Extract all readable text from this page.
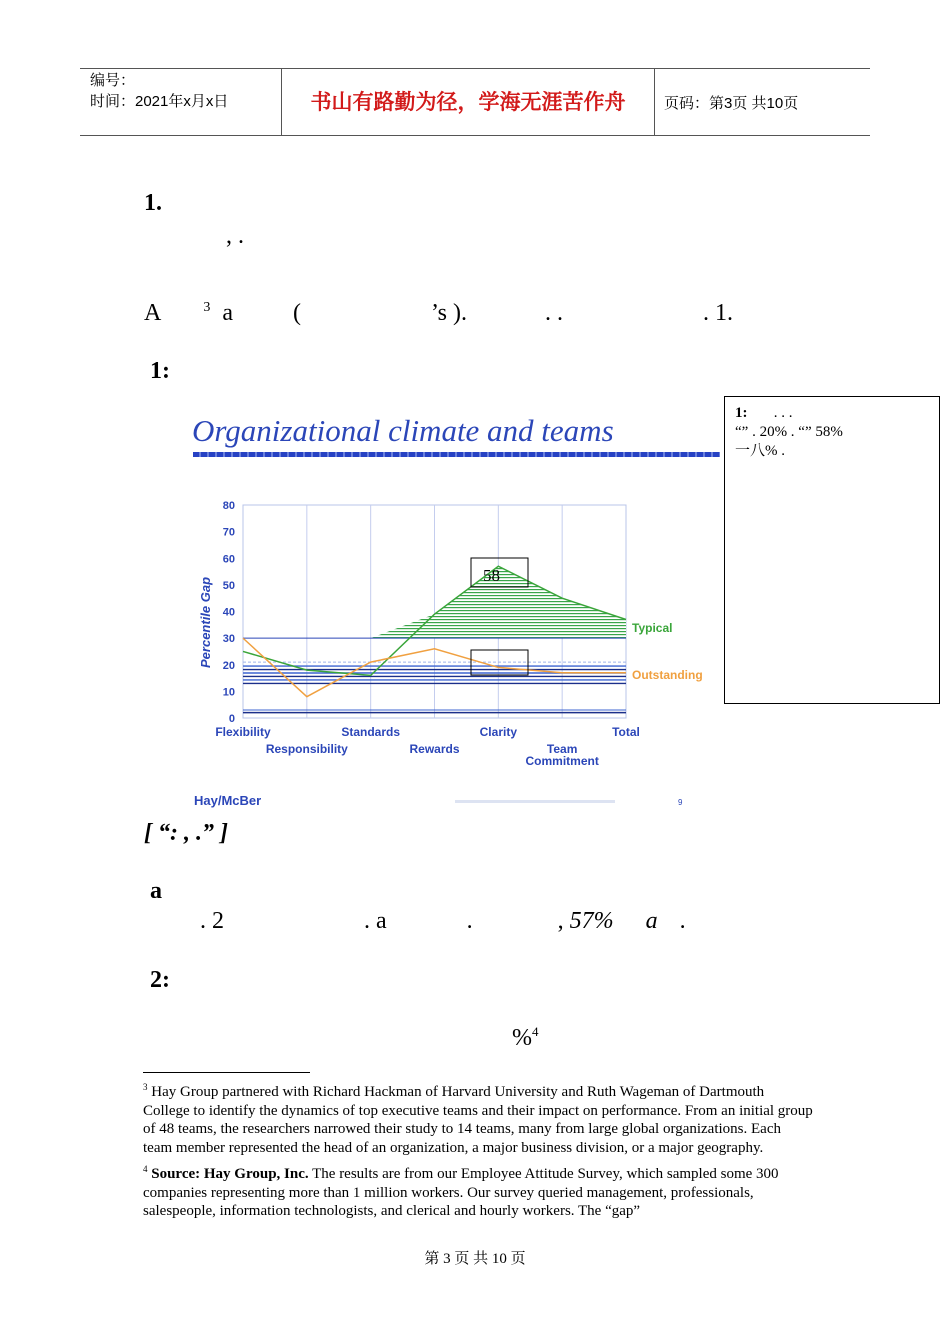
编号：
时间：2021年x月x日	书山有路勤为径，学海无涯苦作舟	页码：第3页 共10页
1.
, .
A	$^3$ a	(	’s ).	. .	. 1.
1:
Organizational climate and teams
58
0
10
20
30
40
50
60
70
80
Flexibility
Responsibility
Standards
Rewards
Clarity
Team
Commitment
Total
Typical
Outstanding
Percentile Gap
Hay/McBer	9
1: . . .
“” . 20% . “” 58%
一八% .
[ “: , .” ]
a
. 2	. a	.	, 57% a .
2:
%$^4$

$^3$ Hay Group partnered with Richard Hackman of Harvard University and Ruth Wageman of Dartmouth College to identify the dynamics of top executive teams and their impact on performance. From an initial group of 48 teams, the researchers narrowed their study to 14 teams, many from large global organizations. Each team member represented the head of an organization, a major business division, or a major geography.

$^4$ Source: Hay Group, Inc. The results are from our Employee Attitude Survey, which sampled some 300 companies representing more than 1 million workers. Our survey queried management, professionals, salespeople, information technologists, and clerical and hourly workers. The “gap”

第 3 页 共 10 页
